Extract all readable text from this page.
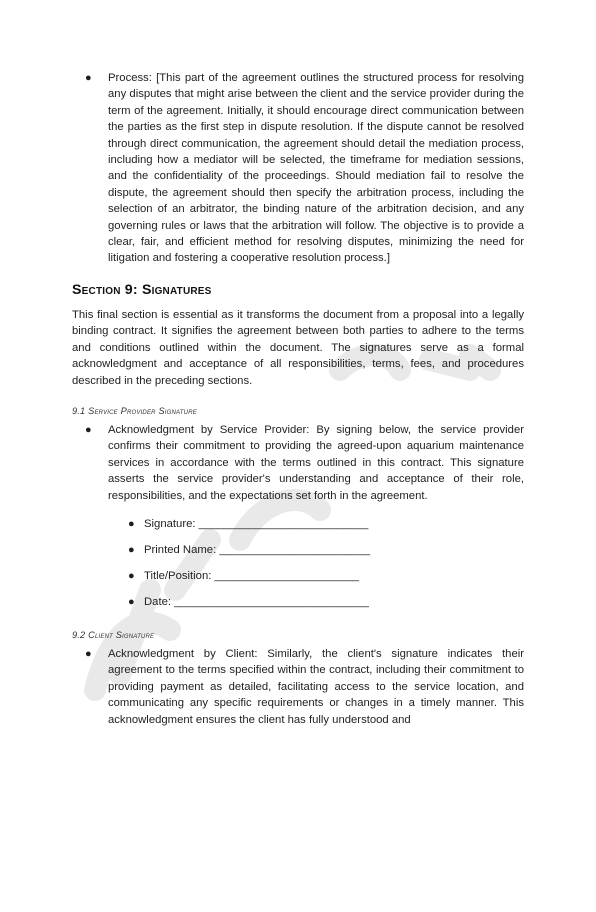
● Process: [This part of the agreement outlines the structured process for resolving any disputes that might arise between the client and the service provider during the term of the agreement. Initially, it should encourage direct communication between the parties as the first step in dispute resolution. If the dispute cannot be resolved through direct communication, the agreement should detail the mediation process, including how a mediator will be selected, the timeframe for mediation sessions, and the confidentiality of the proceedings. Should mediation fail to resolve the dispute, the agreement should then specify the arbitration process, including the selection of an arbitrator, the binding nature of the arbitration decision, and any governing rules or laws that the arbitration will follow. The objective is to provide a clear, fair, and efficient method for resolving disputes, minimizing the need for litigation and fostering a cooperative resolution process.]
Section 9: Signatures

This final section is essential as it transforms the document from a proposal into a legally binding contract. It signifies the agreement between both parties to adhere to the terms and conditions outlined within the document. The signatures serve as a formal acknowledgment and acceptance of all responsibilities, terms, fees, and procedures described in the preceding sections.

9.1 Service Provider Signature
● Acknowledgment by Service Provider: By signing below, the service provider confirms their commitment to providing the agreed-upon aquarium maintenance services in accordance with the terms outlined in this contract. This signature asserts the service provider's understanding and acceptance of their role, responsibilities, and the expectations set forth in the agreement.
● Signature: ___________________________
● Printed Name: ________________________
● Title/Position: _______________________
● Date: _______________________________
9.2 Client Signature
● Acknowledgment by Client: Similarly, the client's signature indicates their agreement to the terms specified within the contract, including their commitment to providing payment as detailed, facilitating access to the service location, and communicating any specific requirements or changes in a timely manner. This acknowledgment ensures the client has fully understood and
